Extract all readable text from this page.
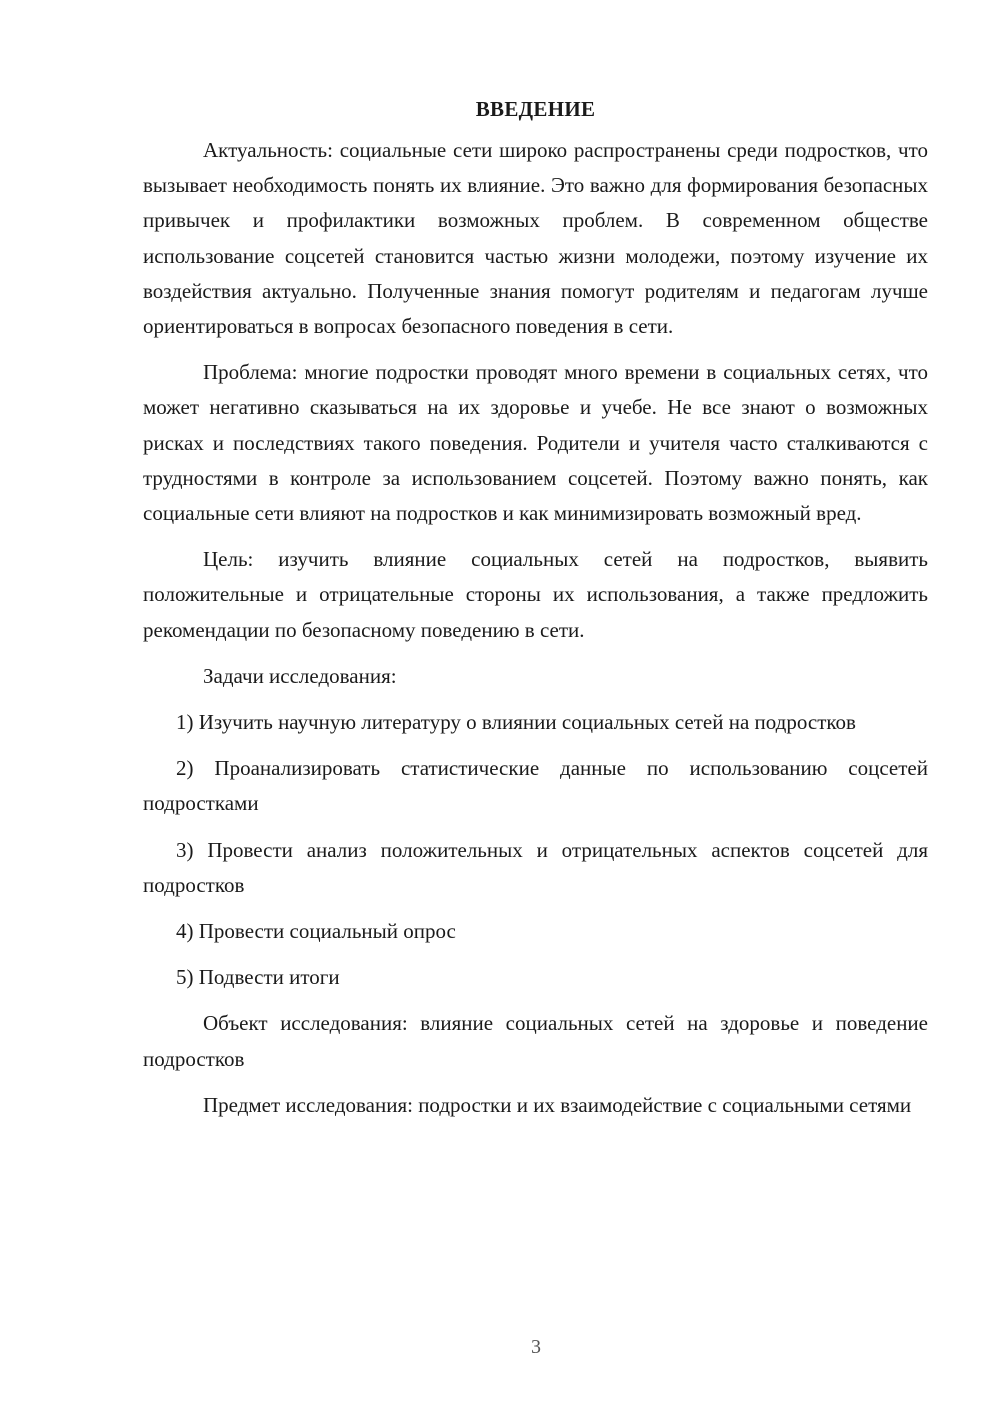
ВВЕДЕНИЕ

Актуальность: социальные сети широко распространены среди подростков, что вызывает необходимость понять их влияние. Это важно для формирования безопасных привычек и профилактики возможных проблем. В современном обществе использование соцсетей становится частью жизни молодежи, поэтому изучение их воздействия актуально. Полученные знания помогут родителям и педагогам лучше ориентироваться в вопросах безопасного поведения в сети.

Проблема: многие подростки проводят много времени в социальных сетях, что может негативно сказываться на их здоровье и учебе. Не все знают о возможных рисках и последствиях такого поведения. Родители и учителя часто сталкиваются с трудностями в контроле за использованием соцсетей. Поэтому важно понять, как социальные сети влияют на подростков и как минимизировать возможный вред.

Цель: изучить влияние социальных сетей на подростков, выявить положительные и отрицательные стороны их использования, а также предложить рекомендации по безопасному поведению в сети.

Задачи исследования:

1) Изучить научную литературу о влиянии социальных сетей на подростков

2) Проанализировать статистические данные по использованию соцсетей подростками

3) Провести анализ положительных и отрицательных аспектов соцсетей для подростков

4) Провести социальный опрос

5) Подвести итоги

Объект исследования: влияние социальных сетей на здоровье и поведение подростков

Предмет исследования: подростки и их взаимодействие с социальными сетями

3
